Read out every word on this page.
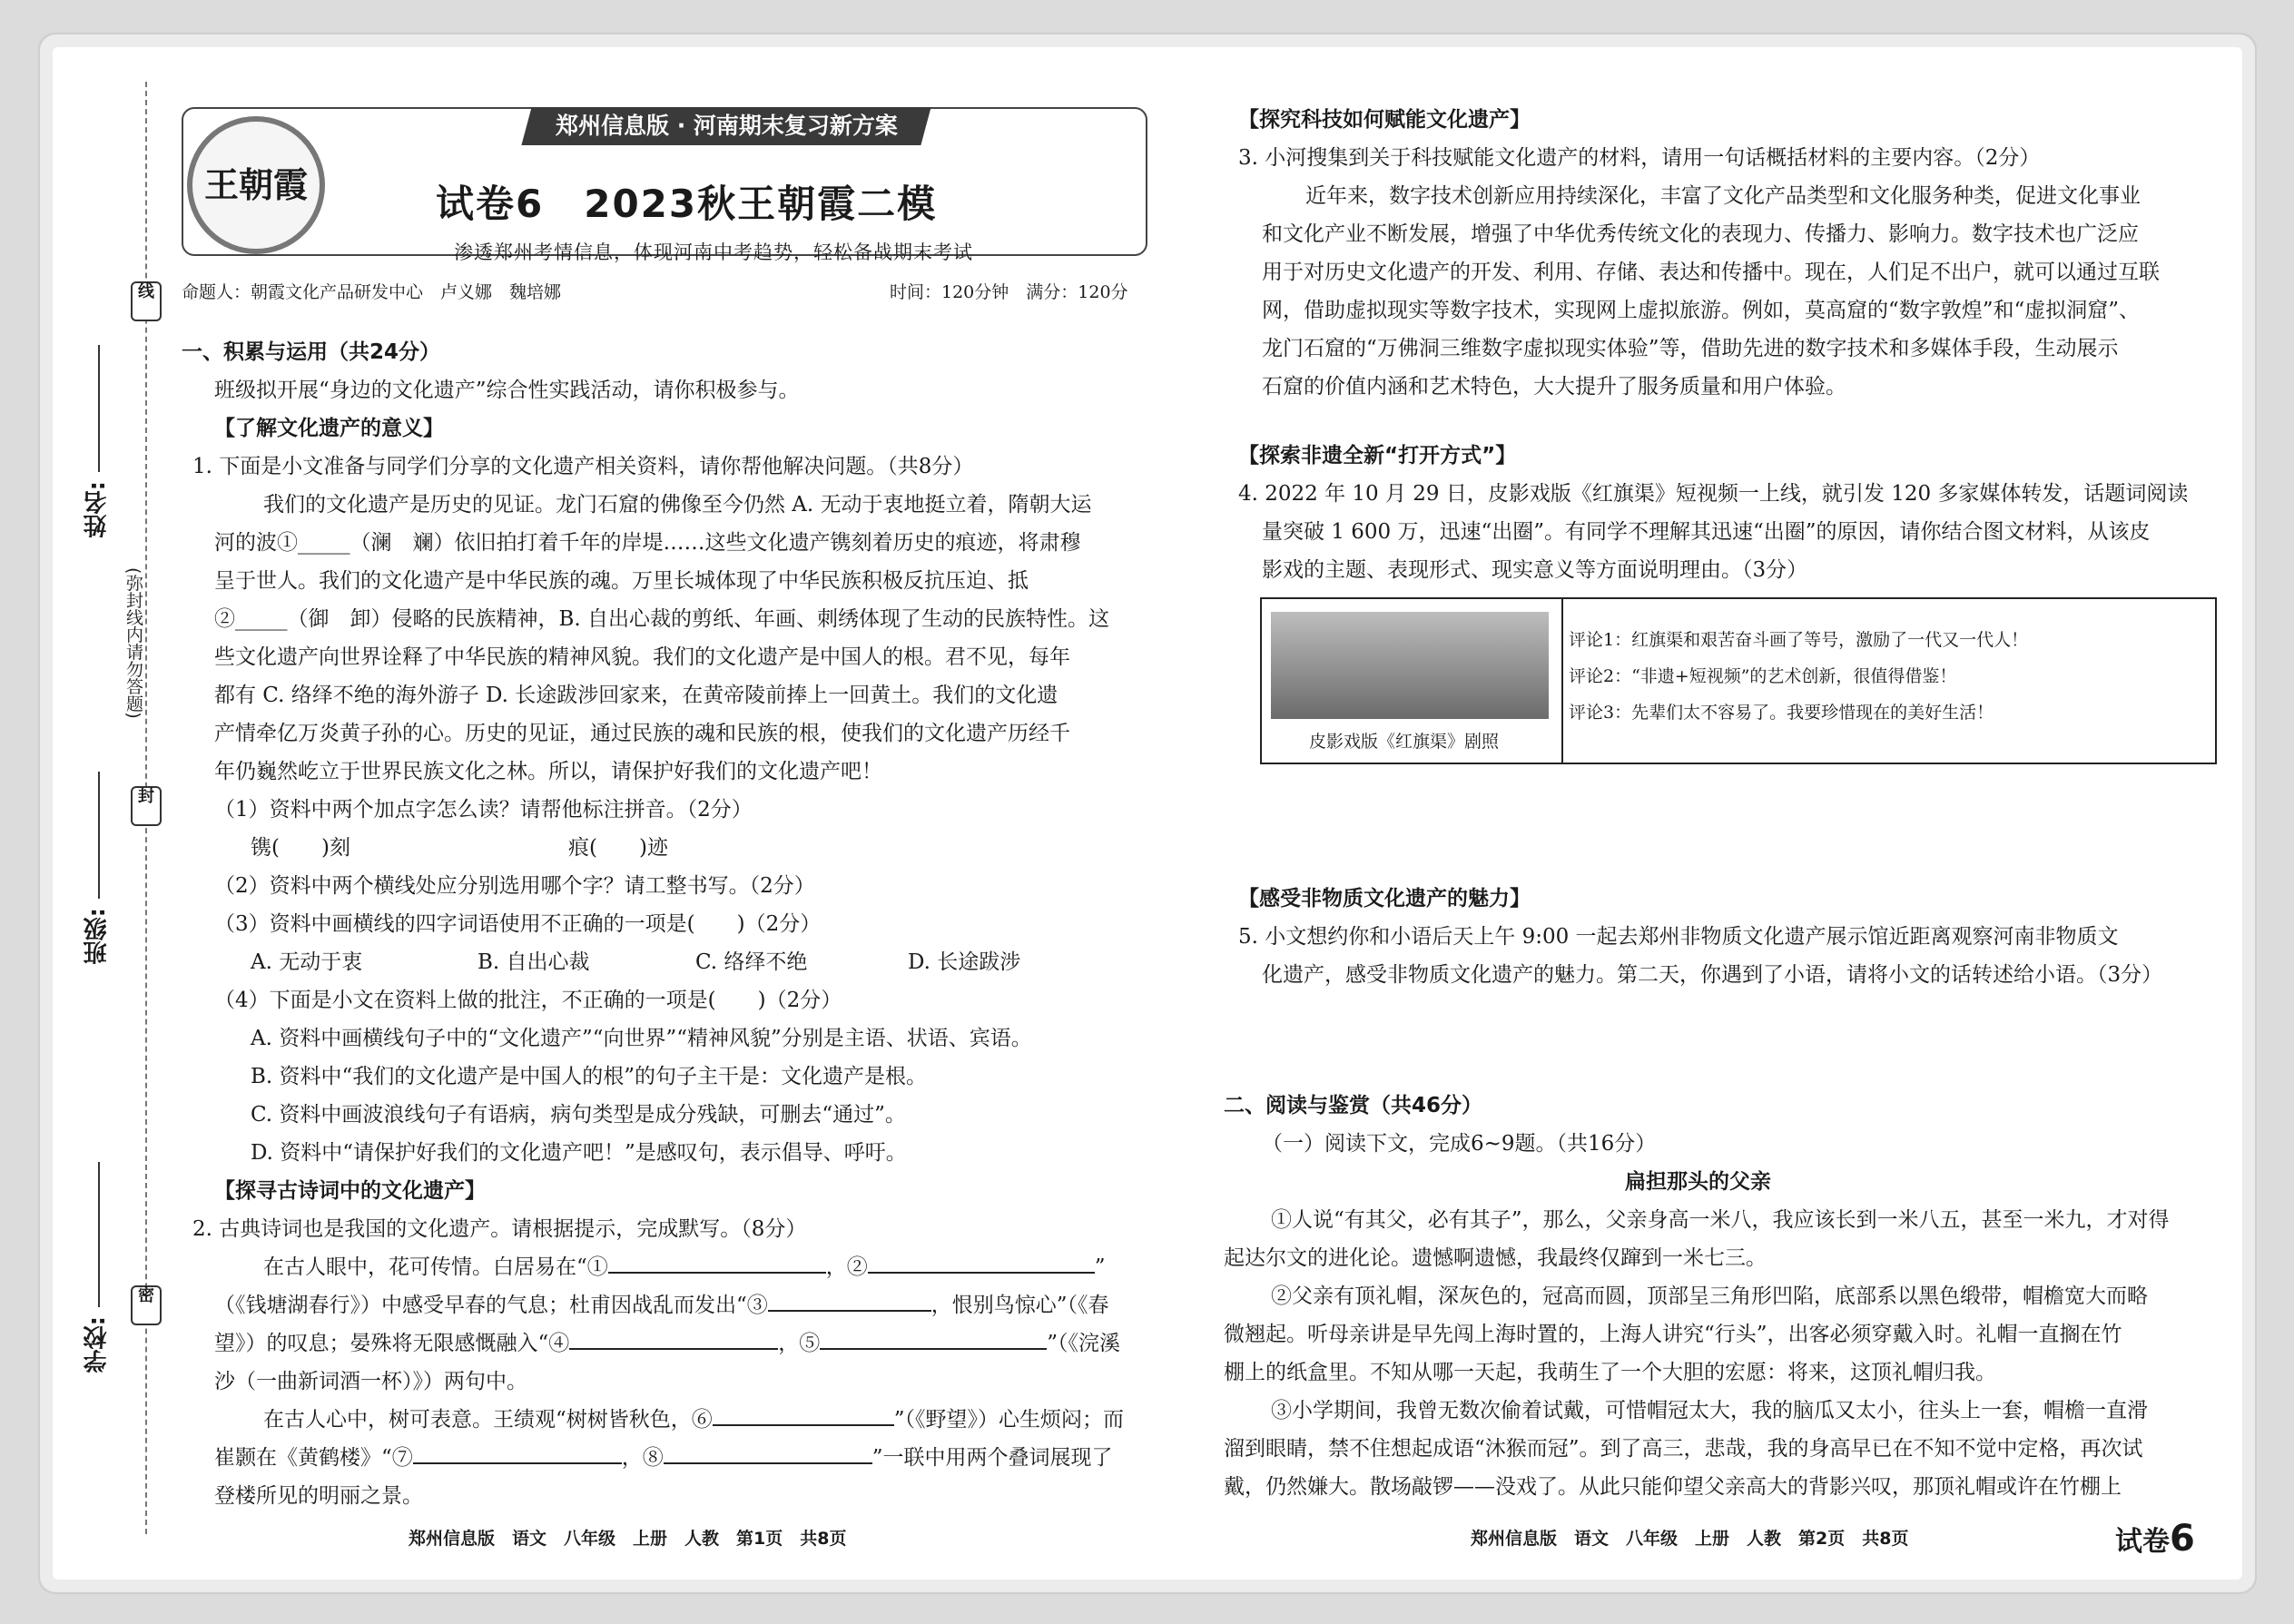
姓名:
班级:
学校:
线
封
密
(弥封线内请勿答题)
郑州信息版 · 河南期末复习新方案
王朝霞	试卷6　2023秋王朝霞二模
渗透郑州考情信息，体现河南中考趋势，轻松备战期末考试
命题人：朝霞文化产品研发中心　卢义娜　魏培娜	时间：120分钟　满分：120分
一、积累与运用（共24分）
班级拟开展“身边的文化遗产”综合性实践活动，请你积极参与。
【了解文化遗产的意义】
1. 下面是小文准备与同学们分享的文化遗产相关资料，请你帮他解决问题。（共8分）
我们的文化遗产是历史的见证。龙门石窟的佛像至今仍然 A. 无动于衷地挺立着，隋朝大运
河的波①_____（澜　斓）依旧拍打着千年的岸堤……这些文化遗产镌刻着历史的痕迹，将肃穆
呈于世人。我们的文化遗产是中华民族的魂。万里长城体现了中华民族积极反抗压迫、抵
②_____（御　卸）侵略的民族精神，B. 自出心裁的剪纸、年画、刺绣体现了生动的民族特性。这
些文化遗产向世界诠释了中华民族的精神风貌。我们的文化遗产是中国人的根。君不见，每年
都有 C. 络绎不绝的海外游子 D. 长途跋涉回家来，在黄帝陵前捧上一回黄土。我们的文化遗
产情牵亿万炎黄子孙的心。历史的见证，通过民族的魂和民族的根，使我们的文化遗产历经千
年仍巍然屹立于世界民族文化之林。所以，请保护好我们的文化遗产吧！
（1）资料中两个加点字怎么读？请帮他标注拼音。（2分）
镌(　　)刻	痕(　　)迹
（2）资料中两个横线处应分别选用哪个字？请工整书写。（2分）
（3）资料中画横线的四字词语使用不正确的一项是(　　)（2分）
A. 无动于衷	B. 自出心裁	C. 络绎不绝	D. 长途跋涉
（4）下面是小文在资料上做的批注，不正确的一项是(　　)（2分）
A. 资料中画横线句子中的“文化遗产”“向世界”“精神风貌”分别是主语、状语、宾语。
B. 资料中“我们的文化遗产是中国人的根”的句子主干是：文化遗产是根。
C. 资料中画波浪线句子有语病，病句类型是成分残缺，可删去“通过”。
D. 资料中“请保护好我们的文化遗产吧！”是感叹句，表示倡导、呼吁。
【探寻古诗词中的文化遗产】
2. 古典诗词也是我国的文化遗产。请根据提示，完成默写。（8分）
在古人眼中，花可传情。白居易在“①	，②	”
（《钱塘湖春行》）中感受早春的气息；杜甫因战乱而发出“③	，恨别鸟惊心”（《春
望》）的叹息；晏殊将无限感慨融入“④	，⑤	”（《浣溪
沙（一曲新词酒一杯）》）两句中。
在古人心中，树可表意。王绩观“树树皆秋色，⑥	”（《野望》）心生烦闷；而
崔颢在《黄鹤楼》“⑦	，⑧	”一联中用两个叠词展现了
登楼所见的明丽之景。
郑州信息版　语文　八年级　上册　人教　第1页　共8页
【探究科技如何赋能文化遗产】
3. 小河搜集到关于科技赋能文化遗产的材料，请用一句话概括材料的主要内容。（2分）
近年来，数字技术创新应用持续深化，丰富了文化产品类型和文化服务种类，促进文化事业
和文化产业不断发展，增强了中华优秀传统文化的表现力、传播力、影响力。数字技术也广泛应
用于对历史文化遗产的开发、利用、存储、表达和传播中。现在，人们足不出户，就可以通过互联
网，借助虚拟现实等数字技术，实现网上虚拟旅游。例如，莫高窟的“数字敦煌”和“虚拟洞窟”、
龙门石窟的“万佛洞三维数字虚拟现实体验”等，借助先进的数字技术和多媒体手段，生动展示
石窟的价值内涵和艺术特色，大大提升了服务质量和用户体验。
【探索非遗全新“打开方式”】
4. 2022 年 10 月 29 日，皮影戏版《红旗渠》短视频一上线，就引发 120 多家媒体转发，话题词阅读
量突破 1 600 万，迅速“出圈”。有同学不理解其迅速“出圈”的原因，请你结合图文材料，从该皮
影戏的主题、表现形式、现实意义等方面说明理由。（3分）
皮影戏版《红旗渠》剧照
评论1：红旗渠和艰苦奋斗画了等号，激励了一代又一代人！
评论2：“非遗+短视频”的艺术创新，很值得借鉴！
评论3：先辈们太不容易了。我要珍惜现在的美好生活！
【感受非物质文化遗产的魅力】
5. 小文想约你和小语后天上午 9:00 一起去郑州非物质文化遗产展示馆近距离观察河南非物质文
化遗产，感受非物质文化遗产的魅力。第二天，你遇到了小语，请将小文的话转述给小语。（3分）
二、阅读与鉴赏（共46分）
（一）阅读下文，完成6~9题。（共16分）
扁担那头的父亲
①人说“有其父，必有其子”，那么，父亲身高一米八，我应该长到一米八五，甚至一米九，才对得
起达尔文的进化论。遗憾啊遗憾，我最终仅蹿到一米七三。
②父亲有顶礼帽，深灰色的，冠高而圆，顶部呈三角形凹陷，底部系以黑色缎带，帽檐宽大而略
微翘起。听母亲讲是早先闯上海时置的，上海人讲究“行头”，出客必须穿戴入时。礼帽一直搁在竹
棚上的纸盒里。不知从哪一天起，我萌生了一个大胆的宏愿：将来，这顶礼帽归我。
③小学期间，我曾无数次偷着试戴，可惜帽冠太大，我的脑瓜又太小，往头上一套，帽檐一直滑
溜到眼睛，禁不住想起成语“沐猴而冠”。到了高三，悲哉，我的身高早已在不知不觉中定格，再次试
戴，仍然嫌大。散场敲锣——没戏了。从此只能仰望父亲高大的背影兴叹，那顶礼帽或许在竹棚上
郑州信息版　语文　八年级　上册　人教　第2页　共8页	试卷6
